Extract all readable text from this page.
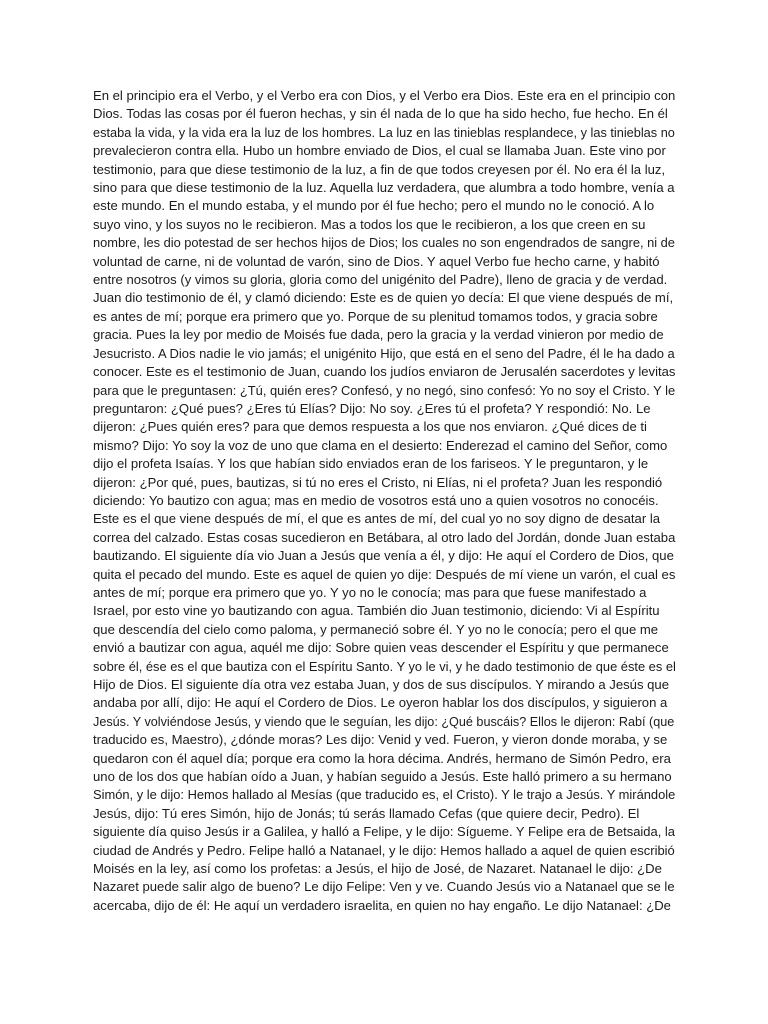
En el principio era el Verbo, y el Verbo era con Dios, y el Verbo era Dios. Este era en el principio con
Dios. Todas las cosas por él fueron hechas, y sin él nada de lo que ha sido hecho, fue hecho. En él
estaba la vida, y la vida era la luz de los hombres. La luz en las tinieblas resplandece, y las tinieblas no
prevalecieron contra ella. Hubo un hombre enviado de Dios, el cual se llamaba Juan. Este vino por
testimonio, para que diese testimonio de la luz, a fin de que todos creyesen por él. No era él la luz,
sino para que diese testimonio de la luz. Aquella luz verdadera, que alumbra a todo hombre, venía a
este mundo. En el mundo estaba, y el mundo por él fue hecho; pero el mundo no le conoció. A lo
suyo vino, y los suyos no le recibieron. Mas a todos los que le recibieron, a los que creen en su
nombre, les dio potestad de ser hechos hijos de Dios; los cuales no son engendrados de sangre, ni de
voluntad de carne, ni de voluntad de varón, sino de Dios. Y aquel Verbo fue hecho carne, y habitó
entre nosotros (y vimos su gloria, gloria como del unigénito del Padre), lleno de gracia y de verdad.
Juan dio testimonio de él, y clamó diciendo: Este es de quien yo decía: El que viene después de mí,
es antes de mí; porque era primero que yo. Porque de su plenitud tomamos todos, y gracia sobre
gracia. Pues la ley por medio de Moisés fue dada, pero la gracia y la verdad vinieron por medio de
Jesucristo. A Dios nadie le vio jamás; el unigénito Hijo, que está en el seno del Padre, él le ha dado a
conocer. Este es el testimonio de Juan, cuando los judíos enviaron de Jerusalén sacerdotes y levitas
para que le preguntasen: ¿Tú, quién eres? Confesó, y no negó, sino confesó: Yo no soy el Cristo. Y le
preguntaron: ¿Qué pues? ¿Eres tú Elías? Dijo: No soy. ¿Eres tú el profeta? Y respondió: No. Le
dijeron: ¿Pues quién eres? para que demos respuesta a los que nos enviaron. ¿Qué dices de ti
mismo? Dijo: Yo soy la voz de uno que clama en el desierto: Enderezad el camino del Señor, como
dijo el profeta Isaías. Y los que habían sido enviados eran de los fariseos. Y le preguntaron, y le
dijeron: ¿Por qué, pues, bautizas, si tú no eres el Cristo, ni Elías, ni el profeta? Juan les respondió
diciendo: Yo bautizo con agua; mas en medio de vosotros está uno a quien vosotros no conocéis.
Este es el que viene después de mí, el que es antes de mí, del cual yo no soy digno de desatar la
correa del calzado. Estas cosas sucedieron en Betábara, al otro lado del Jordán, donde Juan estaba
bautizando. El siguiente día vio Juan a Jesús que venía a él, y dijo: He aquí el Cordero de Dios, que
quita el pecado del mundo. Este es aquel de quien yo dije: Después de mí viene un varón, el cual es
antes de mí; porque era primero que yo. Y yo no le conocía; mas para que fuese manifestado a
Israel, por esto vine yo bautizando con agua. También dio Juan testimonio, diciendo: Vi al Espíritu
que descendía del cielo como paloma, y permaneció sobre él. Y yo no le conocía; pero el que me
envió a bautizar con agua, aquél me dijo: Sobre quien veas descender el Espíritu y que permanece
sobre él, ése es el que bautiza con el Espíritu Santo. Y yo le vi, y he dado testimonio de que éste es el
Hijo de Dios. El siguiente día otra vez estaba Juan, y dos de sus discípulos. Y mirando a Jesús que
andaba por allí, dijo: He aquí el Cordero de Dios. Le oyeron hablar los dos discípulos, y siguieron a
Jesús. Y volviéndose Jesús, y viendo que le seguían, les dijo: ¿Qué buscáis? Ellos le dijeron: Rabí (que
traducido es, Maestro), ¿dónde moras? Les dijo: Venid y ved. Fueron, y vieron donde moraba, y se
quedaron con él aquel día; porque era como la hora décima. Andrés, hermano de Simón Pedro, era
uno de los dos que habían oído a Juan, y habían seguido a Jesús. Este halló primero a su hermano
Simón, y le dijo: Hemos hallado al Mesías (que traducido es, el Cristo). Y le trajo a Jesús. Y mirándole
Jesús, dijo: Tú eres Simón, hijo de Jonás; tú serás llamado Cefas (que quiere decir, Pedro). El
siguiente día quiso Jesús ir a Galilea, y halló a Felipe, y le dijo: Sígueme. Y Felipe era de Betsaida, la
ciudad de Andrés y Pedro. Felipe halló a Natanael, y le dijo: Hemos hallado a aquel de quien escribió
Moisés en la ley, así como los profetas: a Jesús, el hijo de José, de Nazaret. Natanael le dijo: ¿De
Nazaret puede salir algo de bueno? Le dijo Felipe: Ven y ve. Cuando Jesús vio a Natanael que se le
acercaba, dijo de él: He aquí un verdadero israelita, en quien no hay engaño. Le dijo Natanael: ¿De
